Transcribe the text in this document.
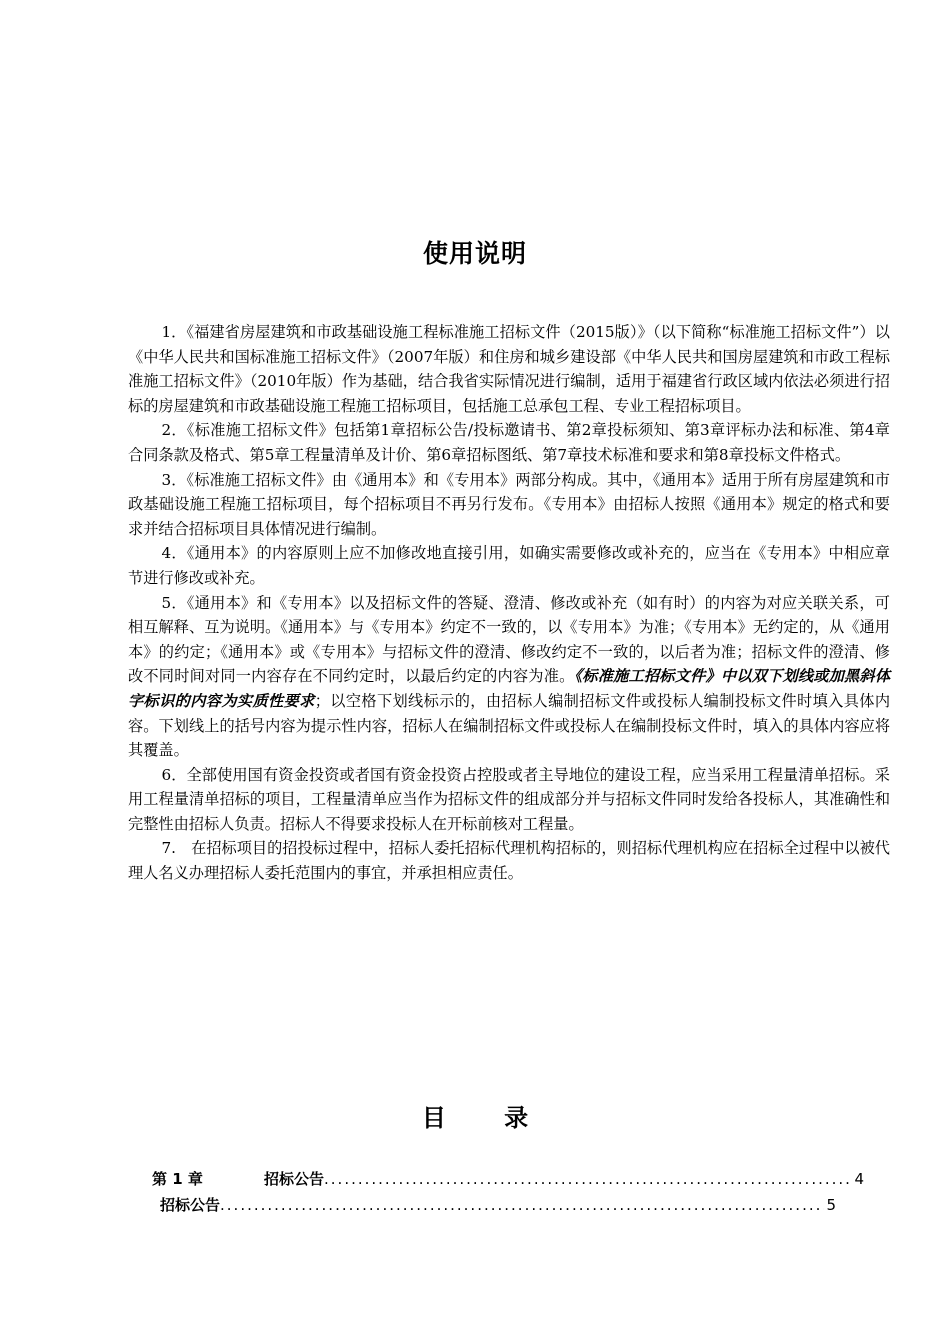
使用说明

1．《福建省房屋建筑和市政基础设施工程标准施工招标文件（2015版）》（以下简称“标准施工招标文件”）以《中华人民共和国标准施工招标文件》（2007年版）和住房和城乡建设部《中华人民共和国房屋建筑和市政工程标准施工招标文件》（2010年版）作为基础，结合我省实际情况进行编制，适用于福建省行政区域内依法必须进行招标的房屋建筑和市政基础设施工程施工招标项目，包括施工总承包工程、专业工程招标项目。

2．《标准施工招标文件》包括第1章招标公告/投标邀请书、第2章投标须知、第3章评标办法和标准、第4章合同条款及格式、第5章工程量清单及计价、第6章招标图纸、第7章技术标准和要求和第8章投标文件格式。

3．《标准施工招标文件》由《通用本》和《专用本》两部分构成。其中，《通用本》适用于所有房屋建筑和市政基础设施工程施工招标项目，每个招标项目不再另行发布。《专用本》由招标人按照《通用本》规定的格式和要求并结合招标项目具体情况进行编制。

4．《通用本》的内容原则上应不加修改地直接引用，如确实需要修改或补充的，应当在《专用本》中相应章节进行修改或补充。

5．《通用本》和《专用本》以及招标文件的答疑、澄清、修改或补充（如有时）的内容为对应关联关系，可相互解释、互为说明。《通用本》与《专用本》约定不一致的，以《专用本》为准；《专用本》无约定的，从《通用本》的约定；《通用本》或《专用本》与招标文件的澄清、修改约定不一致的，以后者为准；招标文件的澄清、修改不同时间对同一内容存在不同约定时，以最后约定的内容为准。《标准施工招标文件》中以双下划线或加黑斜体字标识的内容为实质性要求；以空格下划线标示的，由招标人编制招标文件或投标人编制投标文件时填入具体内容。下划线上的括号内容为提示性内容，招标人在编制招标文件或投标人在编制投标文件时，填入的具体内容应将其覆盖。

6．全部使用国有资金投资或者国有资金投资占控股或者主导地位的建设工程，应当采用工程量清单招标。采用工程量清单招标的项目，工程量清单应当作为招标文件的组成部分并与招标文件同时发给各投标人，其准确性和完整性由招标人负责。招标人不得要求投标人在开标前核对工程量。

7.　在招标项目的招投标过程中，招标人委托招标代理机构招标的，则招标代理机构应在招标全过程中以被代理人名义办理招标人委托范围内的事宜，并承担相应责任。

目 录
第 1 章	招标公告 .....	4
招标公告 .....	5
